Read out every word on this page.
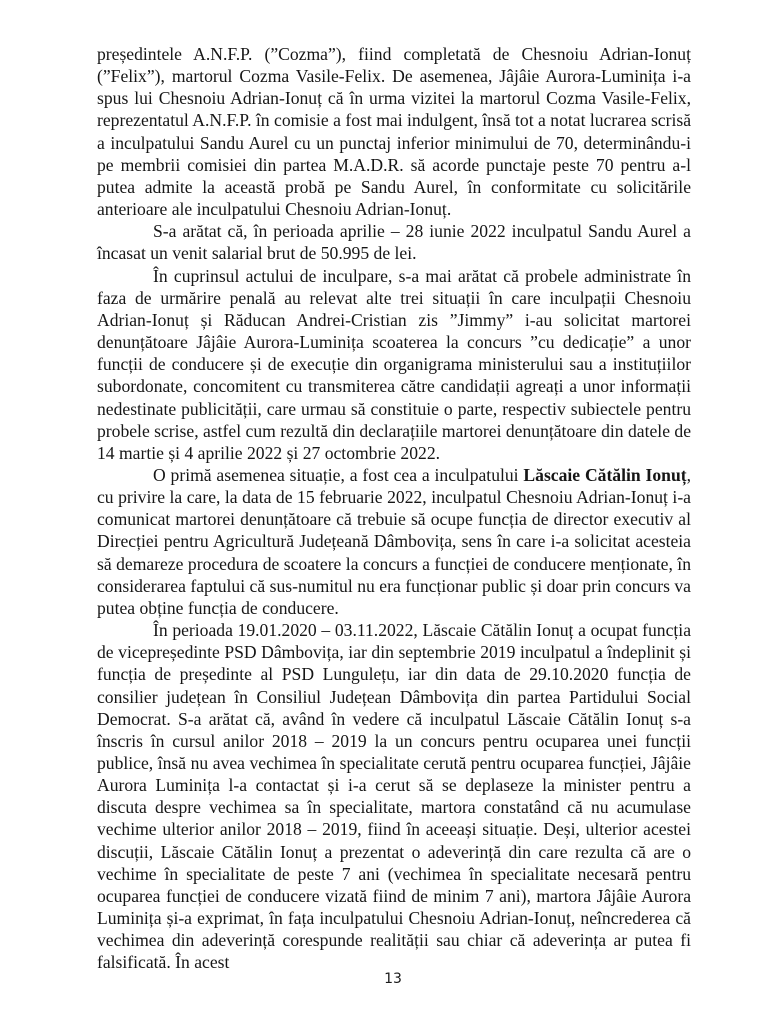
președintele A.N.F.P. (”Cozma”), fiind completată de Chesnoiu Adrian-Ionuț (”Felix”), martorul Cozma Vasile-Felix. De asemenea, Jâjâie Aurora-Luminița i-a spus lui Chesnoiu Adrian-Ionuț că în urma vizitei la martorul Cozma Vasile-Felix, reprezentatul A.N.F.P. în comisie a fost mai indulgent, însă tot a notat lucrarea scrisă a inculpatului Sandu Aurel cu un punctaj inferior minimului de 70, determinându-i pe membrii comisiei din partea M.A.D.R. să acorde punctaje peste 70 pentru a-l putea admite la această probă pe Sandu Aurel, în conformitate cu solicitările anterioare ale inculpatului Chesnoiu Adrian-Ionuț.

S-a arătat că, în perioada aprilie – 28 iunie 2022 inculpatul Sandu Aurel a încasat un venit salarial brut de 50.995 de lei.

În cuprinsul actului de inculpare, s-a mai arătat că probele administrate în faza de urmărire penală au relevat alte trei situații în care inculpații Chesnoiu Adrian-Ionuț și Răducan Andrei-Cristian zis ”Jimmy” i-au solicitat martorei denunțătoare Jâjâie Aurora-Luminița scoaterea la concurs ”cu dedicație” a unor funcții de conducere și de execuție din organigrama ministerului sau a instituțiilor subordonate, concomitent cu transmiterea către candidații agreați a unor informații nedestinate publicității, care urmau să constituie o parte, respectiv subiectele pentru probele scrise, astfel cum rezultă din declarațiile martorei denunțătoare din datele de 14 martie și 4 aprilie 2022 și 27 octombrie 2022.

O primă asemenea situație, a fost cea a inculpatului Lăscaie Cătălin Ionuț, cu privire la care, la data de 15 februarie 2022, inculpatul Chesnoiu Adrian-Ionuț i-a comunicat martorei denunțătoare că trebuie să ocupe funcția de director executiv al Direcției pentru Agricultură Județeană Dâmbovița, sens în care i-a solicitat acesteia să demareze procedura de scoatere la concurs a funcției de conducere menționate, în considerarea faptului că sus-numitul nu era funcționar public și doar prin concurs va putea obține funcția de conducere.

În perioada 19.01.2020 – 03.11.2022, Lăscaie Cătălin Ionuț a ocupat funcția de vicepreședinte PSD Dâmbovița, iar din septembrie 2019 inculpatul a îndeplinit și funcția de președinte al PSD Lungulețu, iar din data de 29.10.2020 funcția de consilier județean în Consiliul Județean Dâmbovița din partea Partidului Social Democrat. S-a arătat că, având în vedere că inculpatul Lăscaie Cătălin Ionuț s-a înscris în cursul anilor 2018 – 2019 la un concurs pentru ocuparea unei funcții publice, însă nu avea vechimea în specialitate cerută pentru ocuparea funcției, Jâjâie Aurora Luminița l-a contactat și i-a cerut să se deplaseze la minister pentru a discuta despre vechimea sa în specialitate, martora constatând că nu acumulase vechime ulterior anilor 2018 – 2019, fiind în aceeași situație. Deși, ulterior acestei discuții, Lăscaie Cătălin Ionuț a prezentat o adeverință din care rezulta că are o vechime în specialitate de peste 7 ani (vechimea în specialitate necesară pentru ocuparea funcției de conducere vizată fiind de minim 7 ani), martora Jâjâie Aurora Luminița și-a exprimat, în fața inculpatului Chesnoiu Adrian-Ionuț, neîncrederea că vechimea din adeverință corespunde realității sau chiar că adeverința ar putea fi falsificată. În acest

13
